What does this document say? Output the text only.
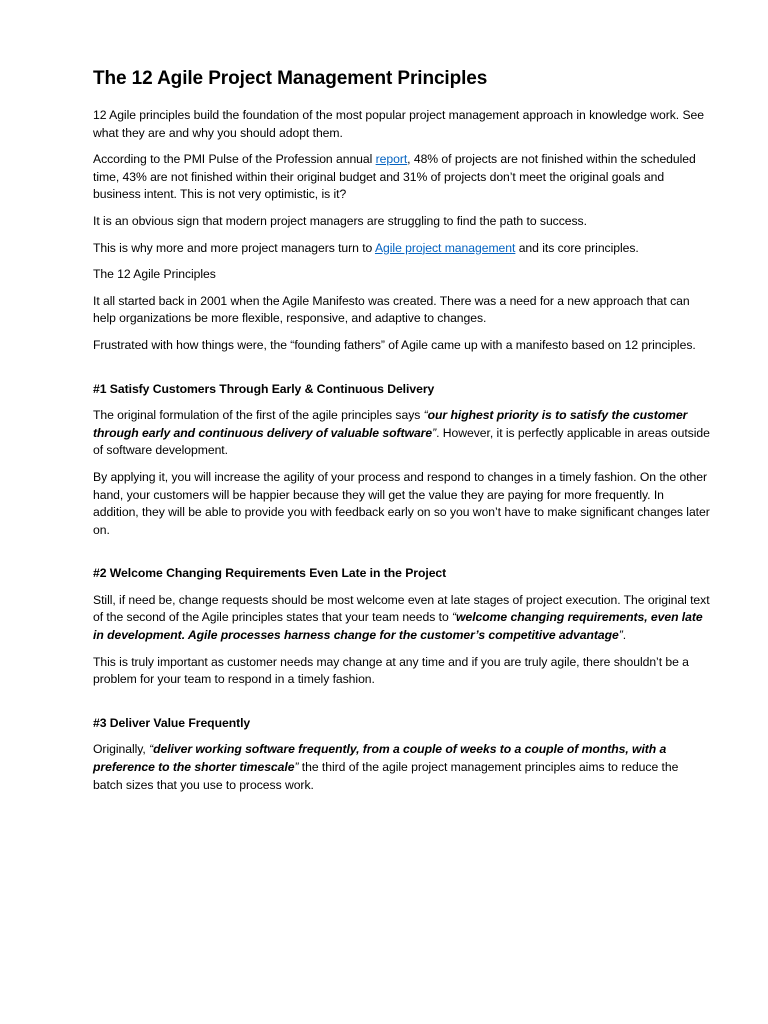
The 12 Agile Project Management Principles

12 Agile principles build the foundation of the most popular project management approach in knowledge work. See what they are and why you should adopt them.

According to the PMI Pulse of the Profession annual report, 48% of projects are not finished within the scheduled time, 43% are not finished within their original budget and 31% of projects don’t meet the original goals and business intent. This is not very optimistic, is it?

It is an obvious sign that modern project managers are struggling to find the path to success.

This is why more and more project managers turn to Agile project management and its core principles.

The 12 Agile Principles

It all started back in 2001 when the Agile Manifesto was created. There was a need for a new approach that can help organizations be more flexible, responsive, and adaptive to changes.

Frustrated with how things were, the “founding fathers” of Agile came up with a manifesto based on 12 principles.

#1 Satisfy Customers Through Early & Continuous Delivery

The original formulation of the first of the agile principles says “our highest priority is to satisfy the customer through early and continuous delivery of valuable software”. However, it is perfectly applicable in areas outside of software development.

By applying it, you will increase the agility of your process and respond to changes in a timely fashion. On the other hand, your customers will be happier because they will get the value they are paying for more frequently. In addition, they will be able to provide you with feedback early on so you won’t have to make significant changes later on.

#2 Welcome Changing Requirements Even Late in the Project

Still, if need be, change requests should be most welcome even at late stages of project execution. The original text of the second of the Agile principles states that your team needs to “welcome changing requirements, even late in development. Agile processes harness change for the customer’s competitive advantage”.

This is truly important as customer needs may change at any time and if you are truly agile, there shouldn’t be a problem for your team to respond in a timely fashion.

#3 Deliver Value Frequently

Originally, “deliver working software frequently, from a couple of weeks to a couple of months, with a preference to the shorter timescale” the third of the agile project management principles aims to reduce the batch sizes that you use to process work.
